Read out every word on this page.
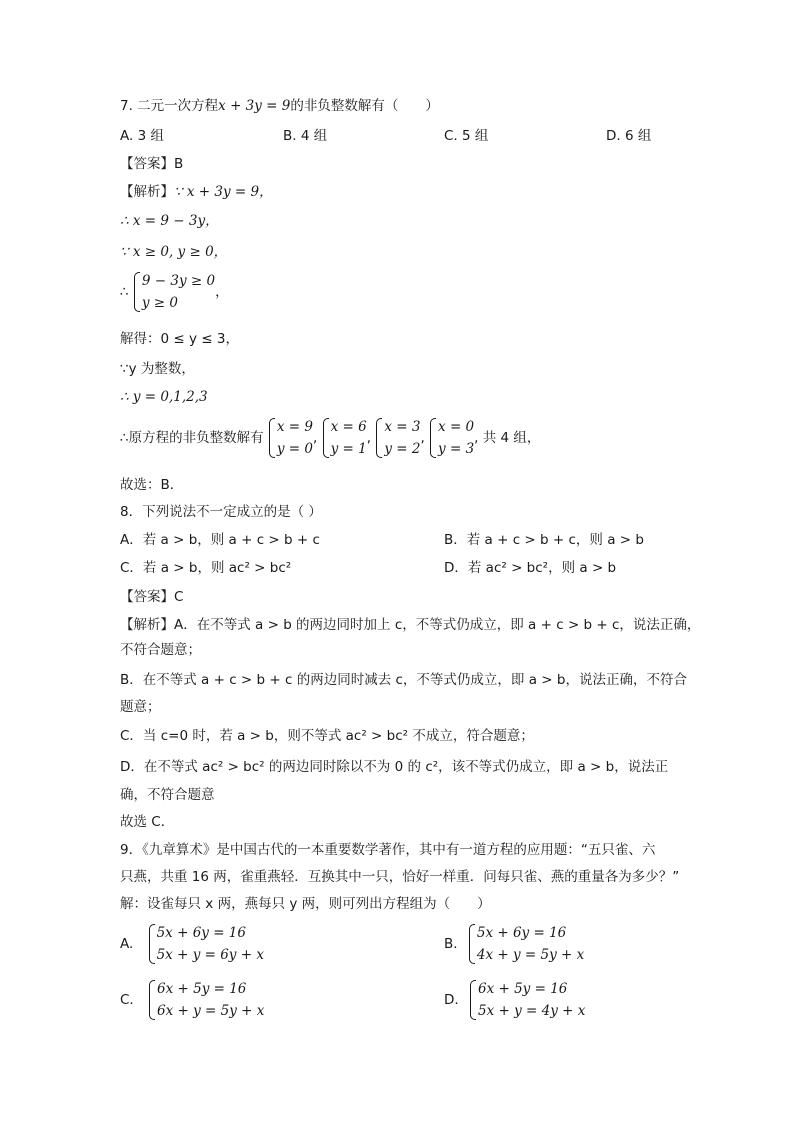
7. 二元一次方程x + 3y = 9的非负整数解有（　　）
A. 3 组	B. 4 组	C. 5 组	D. 6 组
【答案】B
【解析】∵ x + 3y = 9，
∴ x = 9 − 3y，
∵ x ≥ 0, y ≥ 0，
∴
9 − 3y ≥ 0
y ≥ 0
，
解得：0 ≤ y ≤ 3，
∵y 为整数，
∴ y = 0,1,2,3
∴原方程的非负整数解有
x = 9
y = 0
,
x = 6
y = 1
,
x = 3
y = 2
,
x = 0
y = 3
, 共 4 组，
故选：B．
8．下列说法不一定成立的是（ ）
A．若 a > b，则 a + c > b + c	B．若 a + c > b + c，则 a > b
C．若 a > b，则 ac² > bc²	D．若 ac² > bc²，则 a > b
【答案】C
【解析】A．在不等式 a > b 的两边同时加上 c，不等式仍成立，即 a + c > b + c，说法正确，
不符合题意；
B．在不等式 a + c > b + c 的两边同时减去 c，不等式仍成立，即 a > b，说法正确，不符合
题意；
C．当 c=0 时，若 a > b，则不等式 ac² > bc² 不成立，符合题意；
D．在不等式 ac² > bc² 的两边同时除以不为 0 的 c²，该不等式仍成立，即 a > b，说法正
确，不符合题意
故选 C．
9．《九章算术》是中国古代的一本重要数学著作，其中有一道方程的应用题：“五只雀、六
只燕，共重 16 两，雀重燕轻．互换其中一只，恰好一样重．问每只雀、燕的重量各为多少？”
解：设雀每只 x 两，燕每只 y 两，则可列出方程组为（　　）
A.
5x + 6y = 16
5x + y = 6y + x
B.
5x + 6y = 16
4x + y = 5y + x
C.
6x + 5y = 16
6x + y = 5y + x
D.
6x + 5y = 16
5x + y = 4y + x
